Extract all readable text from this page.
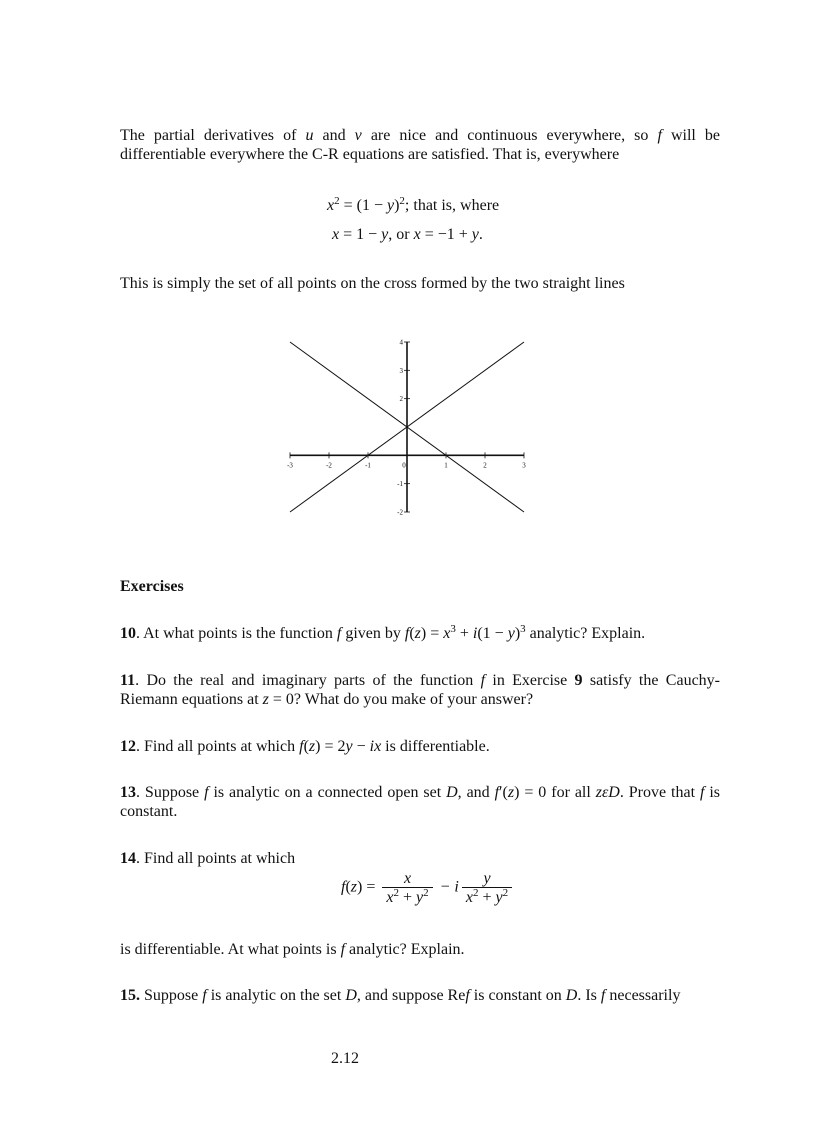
The partial derivatives of u and v are nice and continuous everywhere, so f will be differentiable everywhere the C-R equations are satisfied. That is, everywhere
$x^2 = (1 - y)^2$; that is, where
x = 1 − y, or x = −1 + y.
This is simply the set of all points on the cross formed by the two straight lines
-3	-2	-1	0	1	2	3
4
3
2
-1
-2
Exercises
10. At what points is the function f given by $f(z) = x^3 + i(1 - y)^3$ analytic? Explain.
11. Do the real and imaginary parts of the function f in Exercise 9 satisfy the Cauchy-Riemann equations at z = 0? What do you make of your answer?
12. Find all points at which f(z) = 2y − ix is differentiable.
13. Suppose f is analytic on a connected open set D, and f′(z) = 0 for all zεD. Prove that f is constant.
14. Find all points at which
$f(z) = \frac{x}{x^2 + y^2} - i \frac{y}{x^2 + y^2}$
is differentiable. At what points is f analytic? Explain.
15. Suppose f is analytic on the set D, and suppose Ref is constant on D. Is f necessarily
2.12
